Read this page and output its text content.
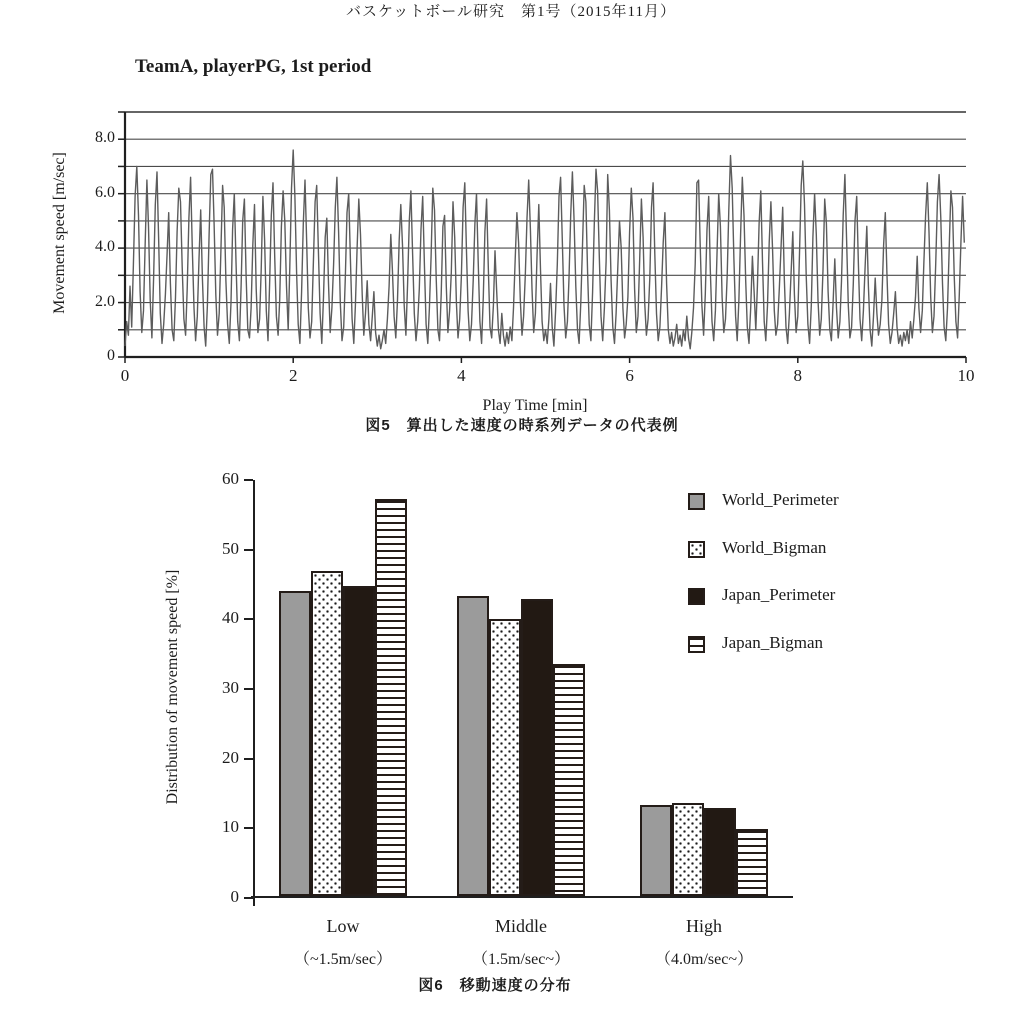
バスケットボール研究　第1号（2015年11月）
TeamA, playerPG, 1st period
0
2.0
4.0
6.0
8.0
0	2	4	6	8	10
Play Time [min]
Movement speed [m/sec]
図5　算出した速度の時系列データの代表例
0
10
20
30
40
50
60
Low
（~1.5m/sec）
Middle
（1.5m/sec~）
High
（4.0m/sec~）
Distribution of movement speed [%]
World_Perimeter
World_Bigman
Japan_Perimeter
Japan_Bigman
図6　移動速度の分布
